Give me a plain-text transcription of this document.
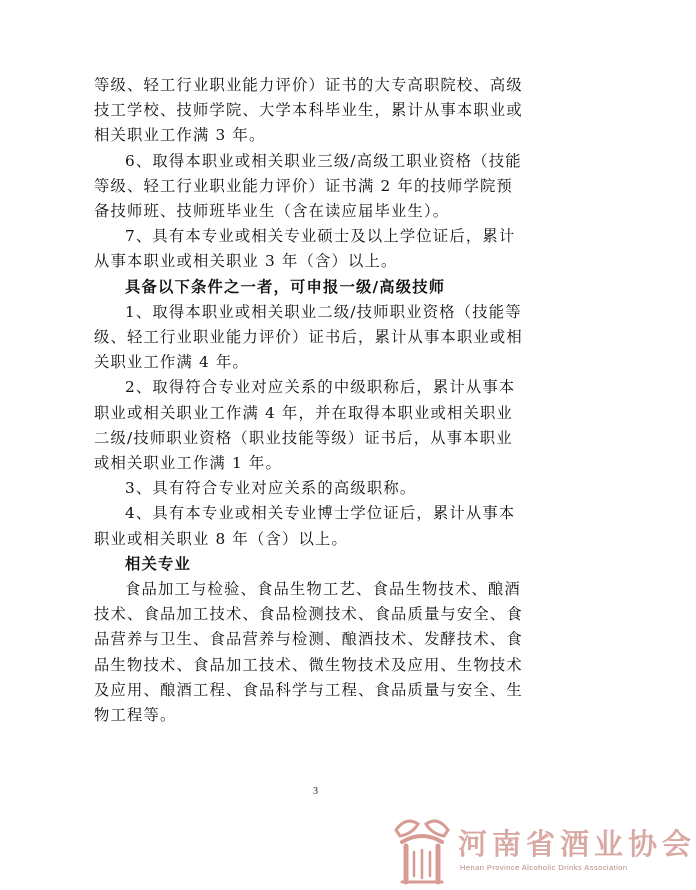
等级、轻工行业职业能力评价）证书的大专高职院校、高级
技工学校、技师学院、大学本科毕业生，累计从事本职业或
相关职业工作满 3 年。
6、取得本职业或相关职业三级/高级工职业资格（技能
等级、轻工行业职业能力评价）证书满 2 年的技师学院预
备技师班、技师班毕业生（含在读应届毕业生）。
7、具有本专业或相关专业硕士及以上学位证后，累计
从事本职业或相关职业 3 年（含）以上。
具备以下条件之一者，可申报一级/高级技师
1、取得本职业或相关职业二级/技师职业资格（技能等
级、轻工行业职业能力评价）证书后，累计从事本职业或相
关职业工作满 4 年。
2、取得符合专业对应关系的中级职称后，累计从事本
职业或相关职业工作满 4 年，并在取得本职业或相关职业
二级/技师职业资格（职业技能等级）证书后，从事本职业
或相关职业工作满 1 年。
3、具有符合专业对应关系的高级职称。
4、具有本专业或相关专业博士学位证后，累计从事本
职业或相关职业 8 年（含）以上。
相关专业
食品加工与检验、食品生物工艺、食品生物技术、酿酒
技术、食品加工技术、食品检测技术、食品质量与安全、食
品营养与卫生、食品营养与检测、酿酒技术、发酵技术、食
品生物技术、食品加工技术、微生物技术及应用、生物技术
及应用、酿酒工程、食品科学与工程、食品质量与安全、生
物工程等。
3
河南省酒业协会
Henan Province Alcoholic Drinks Association
